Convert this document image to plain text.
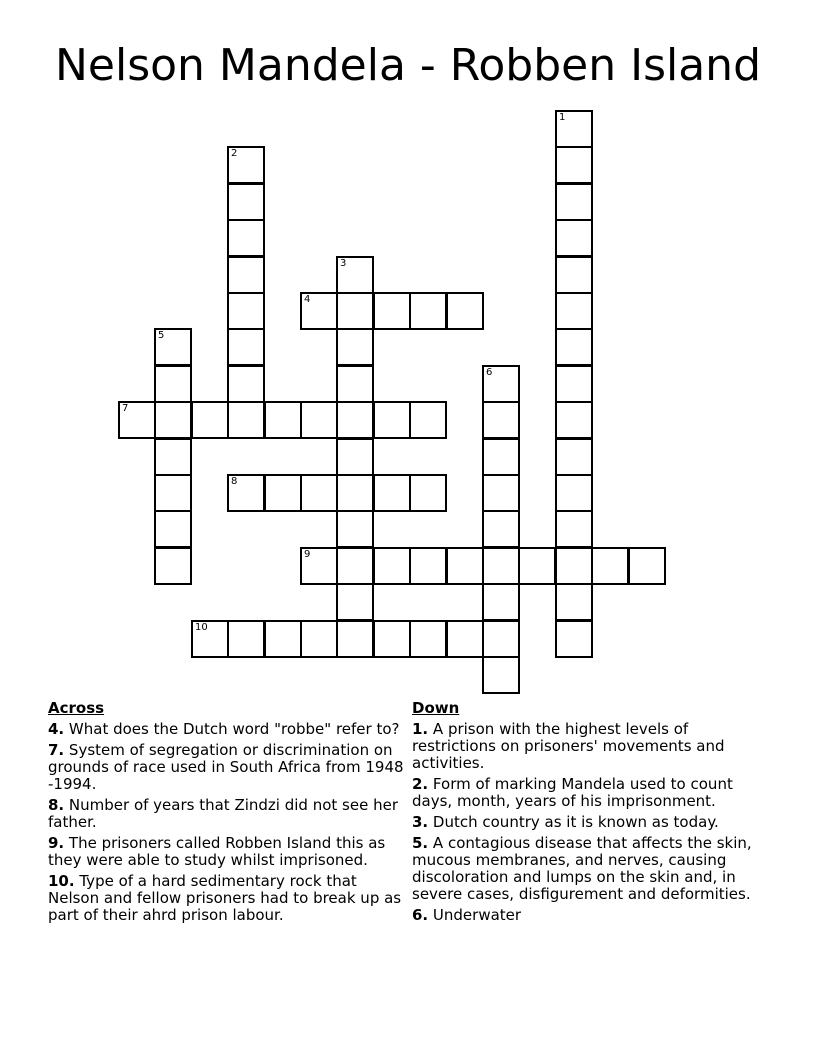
Nelson Mandela - Robben Island
1
2
3
4
5
6
7
8
9
10
Across
4. What does the Dutch word "robbe" refer to?
7. System of segregation or discrimination on grounds of race used in South Africa from 1948 -1994.
8. Number of years that Zindzi did not see her father.
9. The prisoners called Robben Island this as they were able to study whilst imprisoned.
10. Type of a hard sedimentary rock that Nelson and fellow prisoners had to break up as part of their ahrd prison labour.
Down
1. A prison with the highest levels of restrictions on prisoners' movements and activities.
2. Form of marking Mandela used to count days, month, years of his imprisonment.
3. Dutch country as it is known as today.
5. A contagious disease that affects the skin, mucous membranes, and nerves, causing discoloration and lumps on the skin and, in severe cases, disfigurement and deformities.
6. Underwater
